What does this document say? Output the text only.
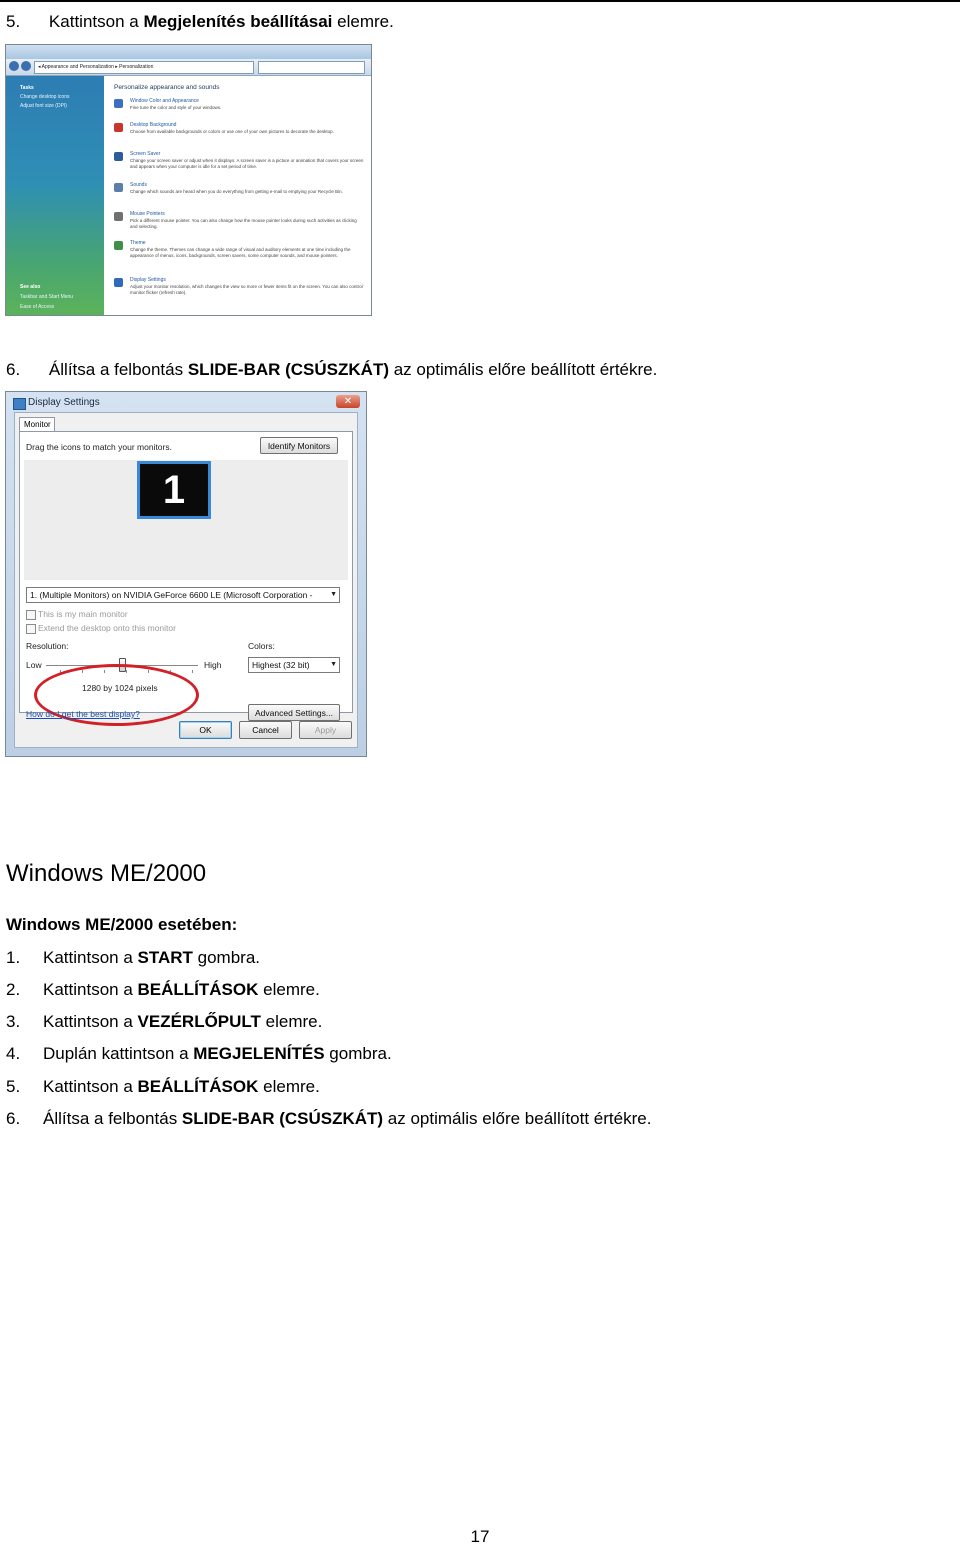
5. Kattintson a Megjelenítés beállításai elemre.
◂ Appearance and Personalization ▸ Personalization
Tasks
Change desktop icons
Adjust font size (DPI)
See also
Taskbar and Start Menu
Ease of Access
Personalize appearance and sounds
Window Color and Appearance
Fine tune the color and style of your windows.
Desktop Background
Choose from available backgrounds or colors or use one of your own pictures to decorate the desktop.
Screen Saver
Change your screen saver or adjust when it displays. A screen saver is a picture or animation that covers your screen and appears when your computer is idle for a set period of time.
Sounds
Change which sounds are heard when you do everything from getting e-mail to emptying your Recycle Bin.
Mouse Pointers
Pick a different mouse pointer. You can also change how the mouse pointer looks during such activities as clicking and selecting.
Theme
Change the theme. Themes can change a wide range of visual and auditory elements at one time including the appearance of menus, icons, backgrounds, screen savers, some computer sounds, and mouse pointers.
Display Settings
Adjust your monitor resolution, which changes the view so more or fewer items fit on the screen. You can also control monitor flicker (refresh rate).
6. Állítsa a felbontás SLIDE-BAR (CSÚSZKÁT) az optimális előre beállított értékre.
Display Settings	✕
Monitor
Drag the icons to match your monitors.	Identify Monitors
1
1. (Multiple Monitors) on NVIDIA GeForce 6600 LE (Microsoft Corporation -	▼
This is my main monitor
Extend the desktop onto this monitor
Resolution:
Low	High
1280 by 1024 pixels
Colors:
Highest (32 bit)	▼
How do I get the best display?	Advanced Settings...
OK	Cancel	Apply
Windows ME/2000
Windows ME/2000 esetében:
1. Kattintson a START gombra.
2. Kattintson a BEÁLLÍTÁSOK elemre.
3. Kattintson a VEZÉRLŐPULT elemre.
4. Duplán kattintson a MEGJELENÍTÉS gombra.
5. Kattintson a BEÁLLÍTÁSOK elemre.
6. Állítsa a felbontás SLIDE-BAR (CSÚSZKÁT) az optimális előre beállított értékre.
17
